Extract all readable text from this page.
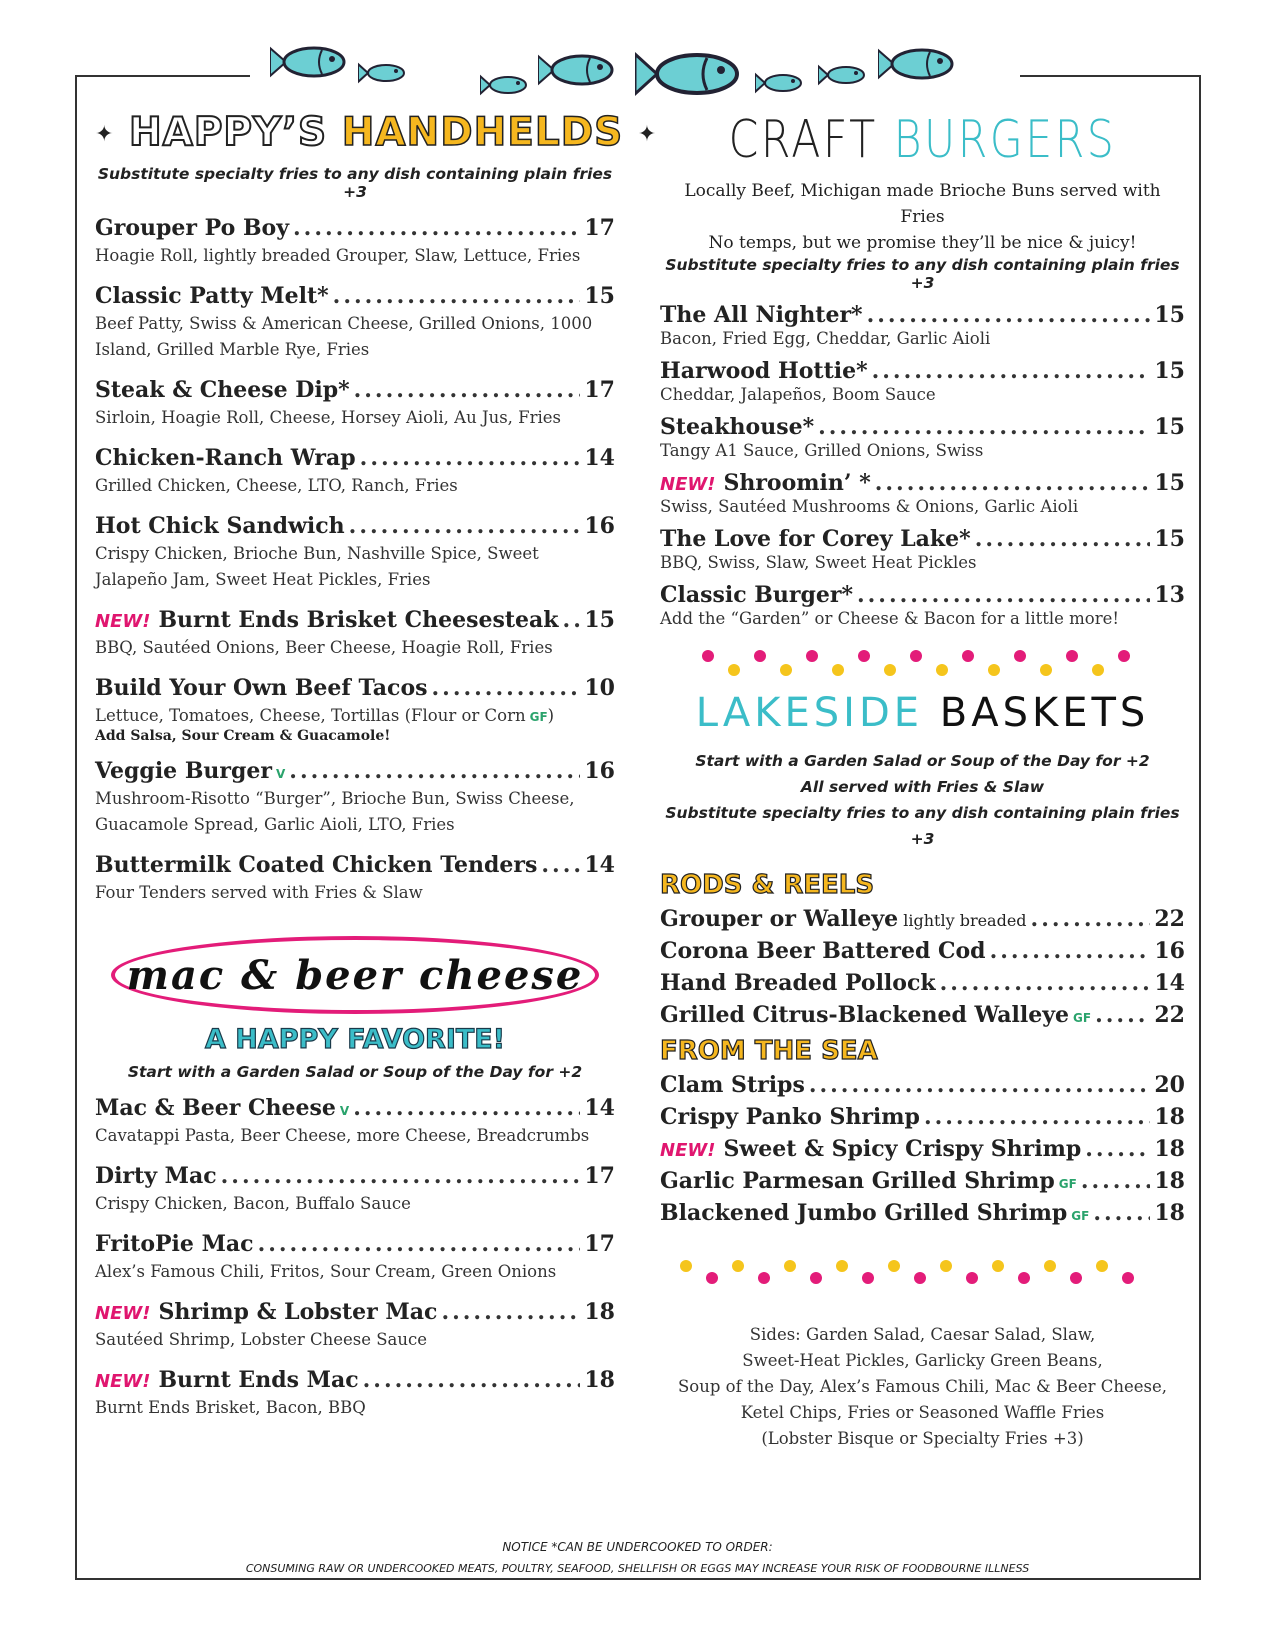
✦ HAPPY’S HANDHELDS ✦
Substitute specialty fries to any dish containing plain fries +3
Grouper Po Boy .....	17
Hoagie Roll, lightly breaded Grouper, Slaw, Lettuce, Fries
Classic Patty Melt* .....	15
Beef Patty, Swiss & American Cheese, Grilled Onions, 1000 Island, Grilled Marble Rye, Fries
Steak & Cheese Dip* .....	17
Sirloin, Hoagie Roll, Cheese, Horsey Aioli, Au Jus, Fries
Chicken-Ranch Wrap .....	14
Grilled Chicken, Cheese, LTO, Ranch, Fries
Hot Chick Sandwich .....	16
Crispy Chicken, Brioche Bun, Nashville Spice, Sweet Jalapeño Jam, Sweet Heat Pickles, Fries
NEW! Burnt Ends Brisket Cheesesteak ..... 15
BBQ, Sautéed Onions, Beer Cheese, Hoagie Roll, Fries
Build Your Own Beef Tacos .....	10
Lettuce, Tomatoes, Cheese, Tortillas (Flour or Corn GF)
Add Salsa, Sour Cream & Guacamole!
Veggie Burger V .....	16
Mushroom-Risotto “Burger”, Brioche Bun, Swiss Cheese, Guacamole Spread, Garlic Aioli, LTO, Fries
Buttermilk Coated Chicken Tenders ..... 14
Four Tenders served with Fries & Slaw
mac & beer cheese
A HAPPY FAVORITE!
Start with a Garden Salad or Soup of the Day for +2
Mac & Beer Cheese V .....	14
Cavatappi Pasta, Beer Cheese, more Cheese, Breadcrumbs
Dirty Mac .....	17
Crispy Chicken, Bacon, Buffalo Sauce
FritoPie Mac .....	17
Alex’s Famous Chili, Fritos, Sour Cream, Green Onions
NEW! Shrimp & Lobster Mac .....	18
Sautéed Shrimp, Lobster Cheese Sauce
NEW! Burnt Ends Mac .....	18
Burnt Ends Brisket, Bacon, BBQ
CRAFT BURGERS
Locally Beef, Michigan made Brioche Buns served with Fries
No temps, but we promise they’ll be nice & juicy!
Substitute specialty fries to any dish containing plain fries +3
The All Nighter* .....	15
Bacon, Fried Egg, Cheddar, Garlic Aioli
Harwood Hottie* .....	15
Cheddar, Jalapeños, Boom Sauce
Steakhouse* .....	15
Tangy A1 Sauce, Grilled Onions, Swiss
NEW! Shroomin’ * .....	15
Swiss, Sautéed Mushrooms & Onions, Garlic Aioli
The Love for Corey Lake* .....	15
BBQ, Swiss, Slaw, Sweet Heat Pickles
Classic Burger* .....	13
Add the “Garden” or Cheese & Bacon for a little more!
LAKESIDE BASKETS
Start with a Garden Salad or Soup of the Day for +2
All served with Fries & Slaw
Substitute specialty fries to any dish containing plain fries +3
RODS & REELS
Grouper or Walleye lightly breaded .....	22
Corona Beer Battered Cod .....	16
Hand Breaded Pollock .....	14
Grilled Citrus-Blackened Walleye GF .....	22
FROM THE SEA
Clam Strips .....	20
Crispy Panko Shrimp .....	18
NEW! Sweet & Spicy Crispy Shrimp .....	18
Garlic Parmesan Grilled Shrimp GF .....	18
Blackened Jumbo Grilled Shrimp GF .....	18
Sides: Garden Salad, Caesar Salad, Slaw,
Sweet-Heat Pickles, Garlicky Green Beans,
Soup of the Day, Alex’s Famous Chili, Mac & Beer Cheese,
Ketel Chips, Fries or Seasoned Waffle Fries
(Lobster Bisque or Specialty Fries +3)
NOTICE *CAN BE UNDERCOOKED TO ORDER:
CONSUMING RAW OR UNDERCOOKED MEATS, POULTRY, SEAFOOD, SHELLFISH OR EGGS MAY INCREASE YOUR RISK OF FOODBOURNE ILLNESS
